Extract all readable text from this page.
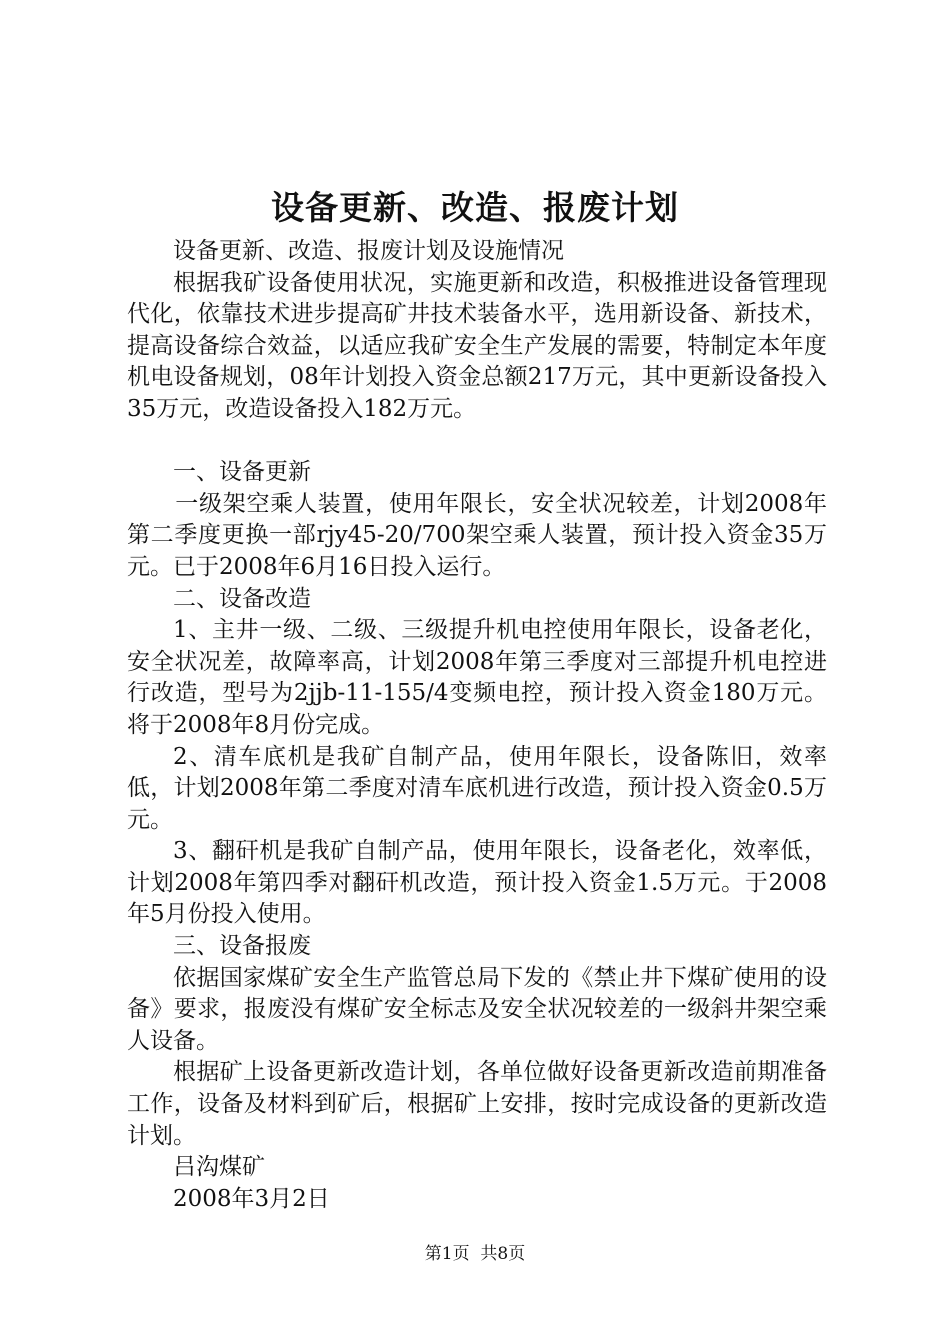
设备更新、改造、报废计划

设备更新、改造、报废计划及设施情况

根据我矿设备使用状况，实施更新和改造，积极推进设备管理现代化，依靠技术进步提高矿井技术装备水平，选用新设备、新技术，提高设备综合效益，以适应我矿安全生产发展的需要，特制定本年度机电设备规划，08年计划投入资金总额217万元，其中更新设备投入35万元，改造设备投入182万元。

一、设备更新

一级架空乘人装置，使用年限长，安全状况较差，计划2008年第二季度更换一部rjy45-20/700架空乘人装置，预计投入资金35万元。已于2008年6月16日投入运行。

二、设备改造

1、主井一级、二级、三级提升机电控使用年限长，设备老化，安全状况差，故障率高，计划2008年第三季度对三部提升机电控进行改造，型号为2jjb-11-155/4变频电控，预计投入资金180万元。将于2008年8月份完成。

2、清车底机是我矿自制产品，使用年限长，设备陈旧，效率低，计划2008年第二季度对清车底机进行改造，预计投入资金0.5万元。

3、翻矸机是我矿自制产品，使用年限长，设备老化，效率低，计划2008年第四季对翻矸机改造，预计投入资金1.5万元。于2008年5月份投入使用。

三、设备报废

依据国家煤矿安全生产监管总局下发的《禁止井下煤矿使用的设备》要求，报废没有煤矿安全标志及安全状况较差的一级斜井架空乘人设备。

根据矿上设备更新改造计划，各单位做好设备更新改造前期准备工作，设备及材料到矿后，根据矿上安排，按时完成设备的更新改造计划。

吕沟煤矿

2008年3月2日

第1页  共8页
